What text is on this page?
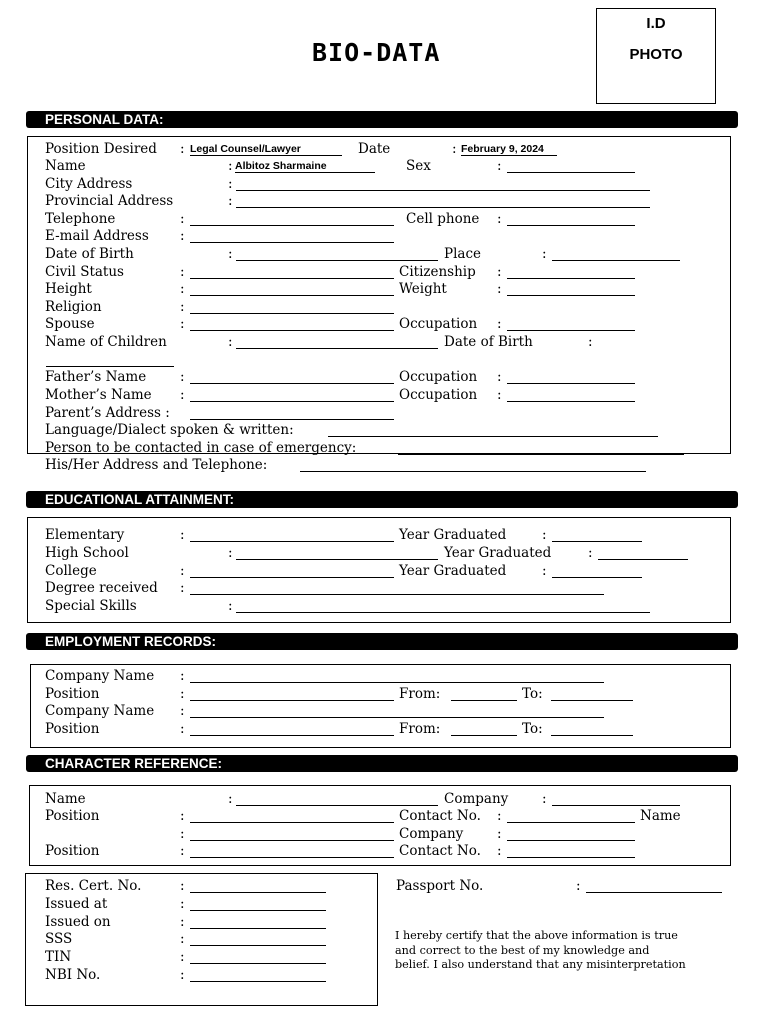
BIO-DATA
I.D
PHOTO
PERSONAL DATA:
Position Desired : Legal Counsel/Lawyer	Date	: February 9, 2024
Name	: Albitoz Sharmaine	Sex	:
City Address	:
Provincial Address	:
Telephone	:	Cell phone :
E-mail Address :
Date of Birth	:	Place	:
Civil Status	:	Citizenship :
Height	:	Weight	:
Religion	:
Spouse	:	Occupation :
Name of Children	:	Date of Birth	:
Father’s Name	:	Occupation :
Mother’s Name :	Occupation :
Parent’s Address :
Language/Dialect spoken & written:
Person to be contacted in case of emergency:
His/Her Address and Telephone:
EDUCATIONAL ATTAINMENT:
Elementary	:	Year Graduated	:
High School	:	Year Graduated	:
College	:	Year Graduated	:
Degree received :
Special Skills	:
EMPLOYMENT RECORDS:
Company Name :
Position	:	From:	To:
Company Name :
Position	:	From:	To:
CHARACTER REFERENCE:
Name	:	Company :
Position	:	Contact No. :	Name
:	Company :
Position	:	Contact No. :
Res. Cert. No.	:
Issued at	:
Issued on	:
SSS	:
TIN	:
NBI No.	:
Passport No.	:
I hereby certify that the above information is true
and correct to the best of my knowledge and
belief. I also understand that any misinterpretation
